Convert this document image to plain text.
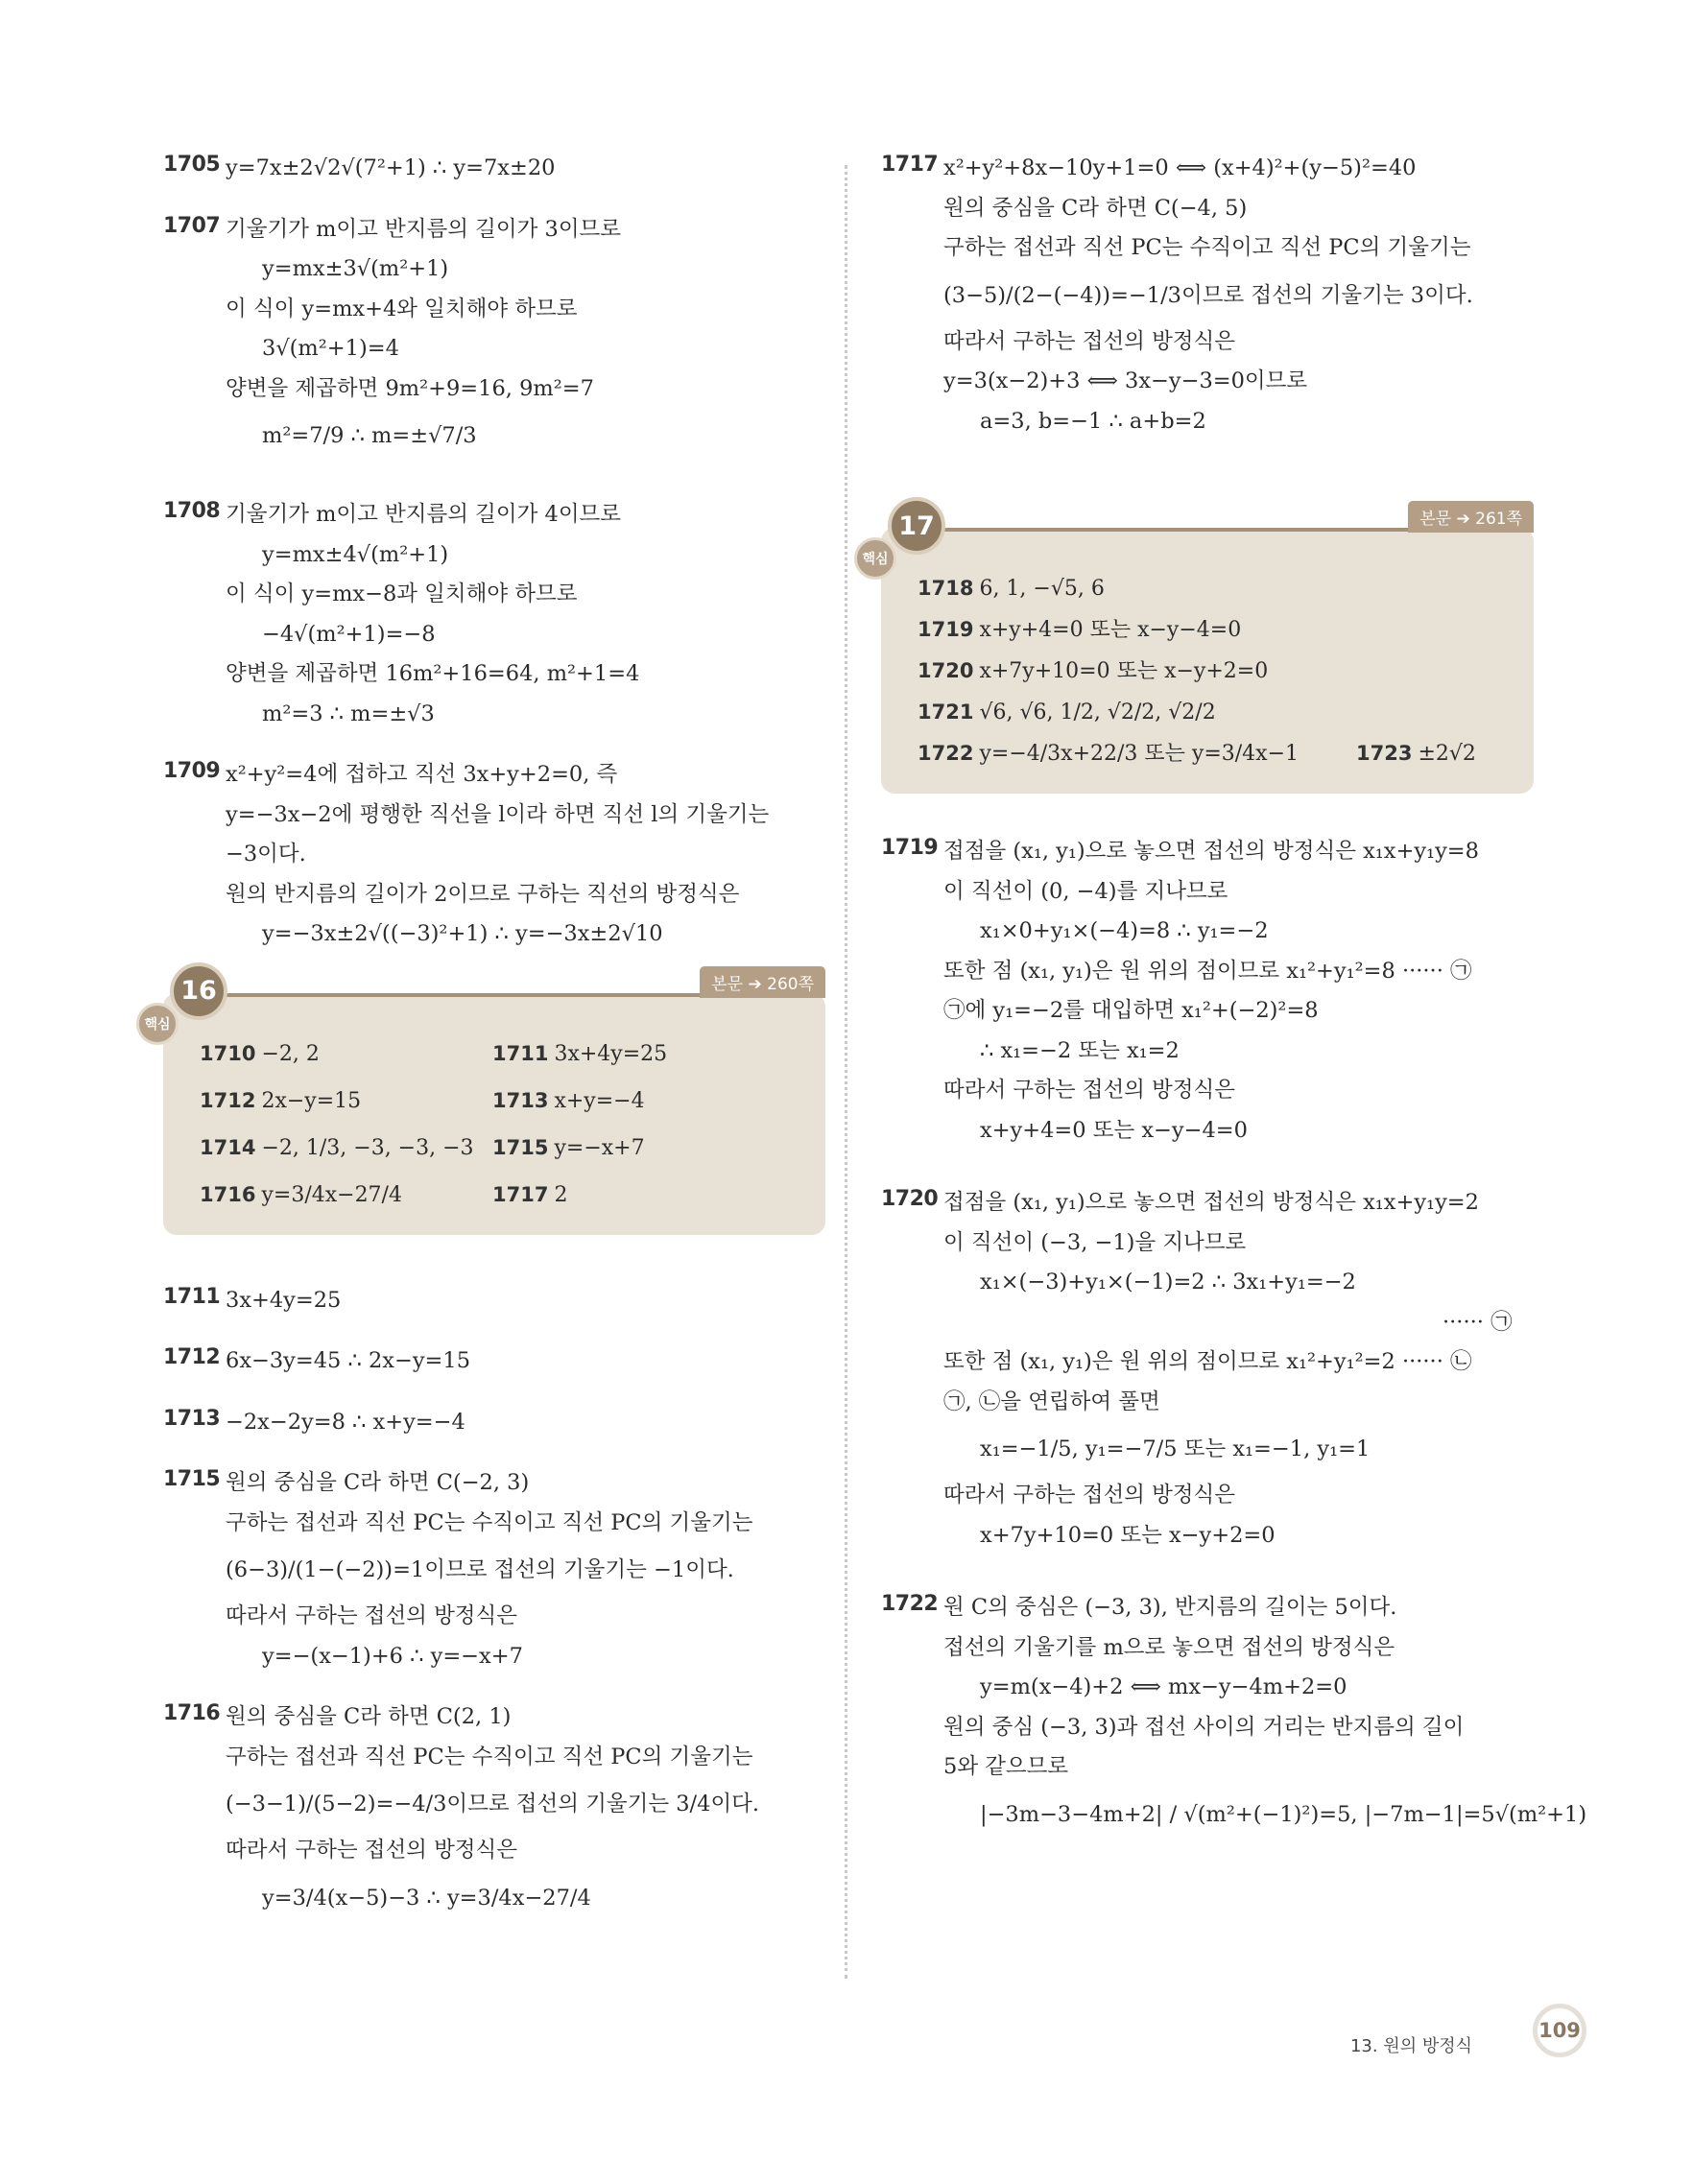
1705 y=7x±2√2√(7²+1) ∴ y=7x±20
1707 기울기가 m이고 반지름의 길이가 3이므로
y=mx±3√(m²+1)
이 식이 y=mx+4와 일치해야 하므로
3√(m²+1)=4
양변을 제곱하면 9m²+9=16, 9m²=7
m²=7/9 ∴ m=±√7/3
1708 기울기가 m이고 반지름의 길이가 4이므로
y=mx±4√(m²+1)
이 식이 y=mx−8과 일치해야 하므로
−4√(m²+1)=−8
양변을 제곱하면 16m²+16=64, m²+1=4
m²=3 ∴ m=±√3
1709 x²+y²=4에 접하고 직선 3x+y+2=0, 즉
y=−3x−2에 평행한 직선을 l이라 하면 직선 l의 기울기는
−3이다.
원의 반지름의 길이가 2이므로 구하는 직선의 방정식은
y=−3x±2√((−3)²+1) ∴ y=−3x±2√10
16
핵심
본문 ➔ 260쪽
1710 −2, 2	1711 3x+4y=25
1712 2x−y=15	1713 x+y=−4
1714 −2, 1/3, −3, −3, −3 1715 y=−x+7
1716 y=3/4x−27/4	1717 2
1711 3x+4y=25
1712 6x−3y=45 ∴ 2x−y=15
1713 −2x−2y=8 ∴ x+y=−4
1715 원의 중심을 C라 하면 C(−2, 3)
구하는 접선과 직선 PC는 수직이고 직선 PC의 기울기는
(6−3)/(1−(−2))=1이므로 접선의 기울기는 −1이다.
따라서 구하는 접선의 방정식은
y=−(x−1)+6 ∴ y=−x+7
1716 원의 중심을 C라 하면 C(2, 1)
구하는 접선과 직선 PC는 수직이고 직선 PC의 기울기는
(−3−1)/(5−2)=−4/3이므로 접선의 기울기는 3/4이다.
따라서 구하는 접선의 방정식은
y=3/4(x−5)−3 ∴ y=3/4x−27/4
1717 x²+y²+8x−10y+1=0 ⟺ (x+4)²+(y−5)²=40
원의 중심을 C라 하면 C(−4, 5)
구하는 접선과 직선 PC는 수직이고 직선 PC의 기울기는
(3−5)/(2−(−4))=−1/3이므로 접선의 기울기는 3이다.
따라서 구하는 접선의 방정식은
y=3(x−2)+3 ⟺ 3x−y−3=0이므로
a=3, b=−1 ∴ a+b=2
17
핵심
본문 ➔ 261쪽
1718 6, 1, −√5, 6
1719 x+y+4=0 또는 x−y−4=0
1720 x+7y+10=0 또는 x−y+2=0
1721 √6, √6, 1/2, √2/2, √2/2
1722 y=−4/3x+22/3 또는 y=3/4x−1	1723 ±2√2
1719 접점을 (x₁, y₁)으로 놓으면 접선의 방정식은 x₁x+y₁y=8
이 직선이 (0, −4)를 지나므로
x₁×0+y₁×(−4)=8 ∴ y₁=−2
또한 점 (x₁, y₁)은 원 위의 점이므로 x₁²+y₁²=8 ······ ㉠
㉠에 y₁=−2를 대입하면 x₁²+(−2)²=8
∴ x₁=−2 또는 x₁=2
따라서 구하는 접선의 방정식은
x+y+4=0 또는 x−y−4=0
1720 접점을 (x₁, y₁)으로 놓으면 접선의 방정식은 x₁x+y₁y=2
이 직선이 (−3, −1)을 지나므로
x₁×(−3)+y₁×(−1)=2 ∴ 3x₁+y₁=−2
······ ㉠
또한 점 (x₁, y₁)은 원 위의 점이므로 x₁²+y₁²=2 ······ ㉡
㉠, ㉡을 연립하여 풀면
x₁=−1/5, y₁=−7/5 또는 x₁=−1, y₁=1
따라서 구하는 접선의 방정식은
x+7y+10=0 또는 x−y+2=0
1722 원 C의 중심은 (−3, 3), 반지름의 길이는 5이다.
접선의 기울기를 m으로 놓으면 접선의 방정식은
y=m(x−4)+2 ⟺ mx−y−4m+2=0
원의 중심 (−3, 3)과 접선 사이의 거리는 반지름의 길이
5와 같으므로
|−3m−3−4m+2| / √(m²+(−1)²)=5, |−7m−1|=5√(m²+1)
13. 원의 방정식
109
